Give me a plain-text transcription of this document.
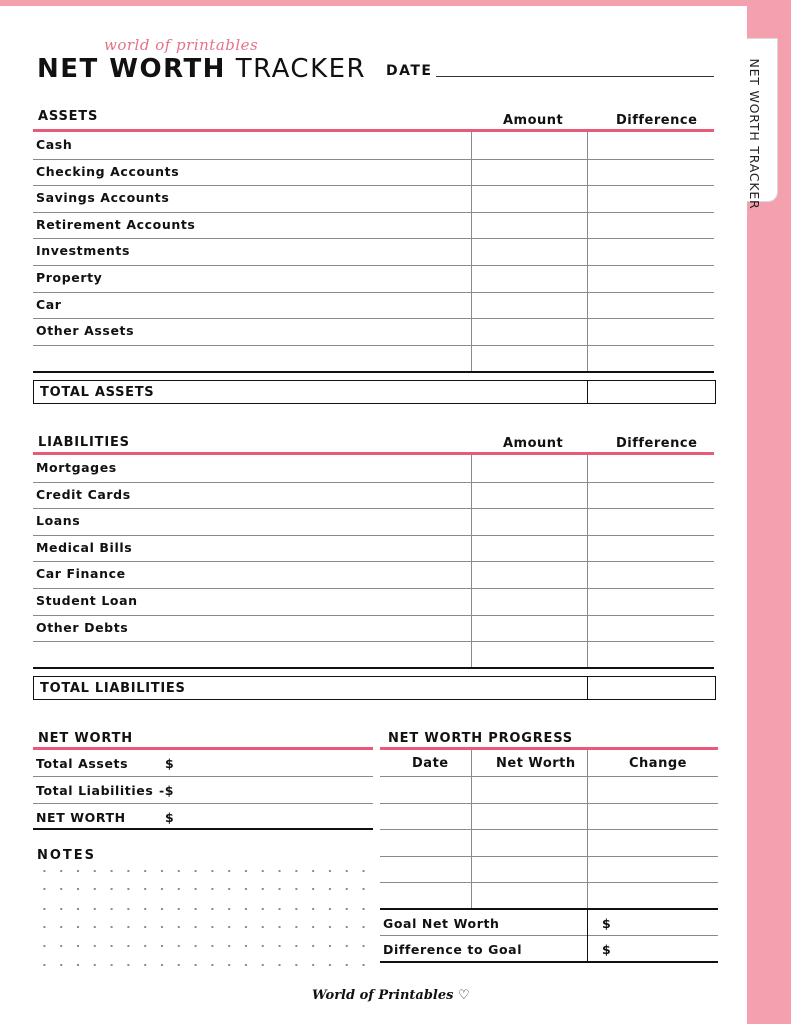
NET WORTH TRACKER
world of printables
NET WORTH TRACKER DATE
ASSETS	Amount	Difference
Cash
Checking Accounts
Savings Accounts
Retirement Accounts
Investments
Property
Car
Other Assets
TOTAL ASSETS
LIABILITIES	Amount	Difference
Mortgages
Credit Cards
Loans
Medical Bills
Car Finance
Student Loan
Other Debts
TOTAL LIABILITIES
NET WORTH
Total Assets	$
Total Liabilities -$
NET WORTH	$
NOTES
NET WORTH PROGRESS
Date	Net Worth	Change
Goal Net Worth	$
Difference to Goal	$
World of Printables ♡
